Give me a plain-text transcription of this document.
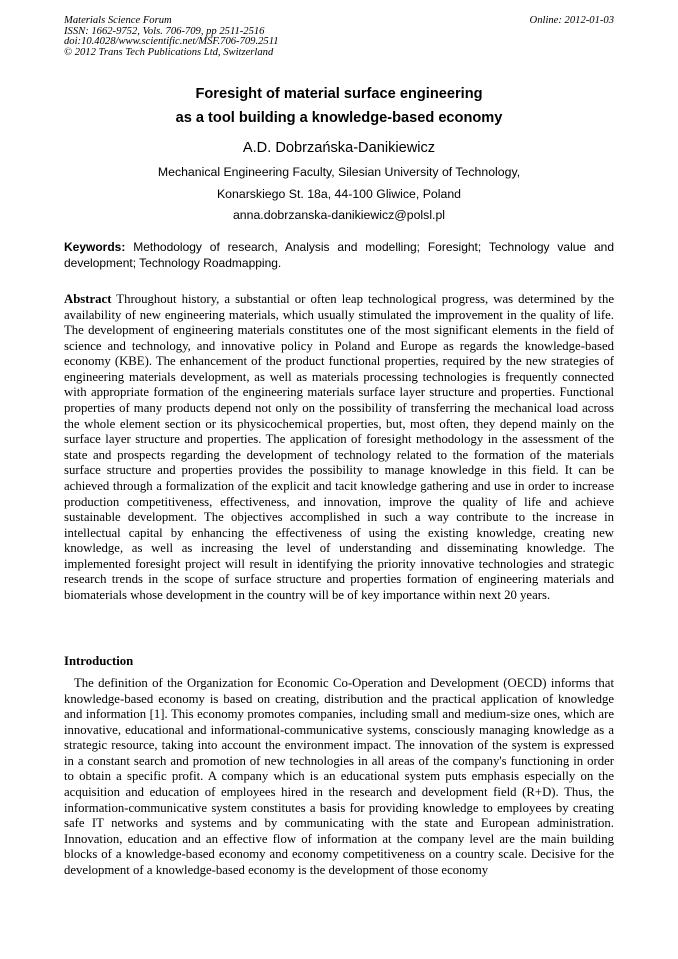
Materials Science Forum
ISSN: 1662-9752, Vols. 706-709, pp 2511-2516
doi:10.4028/www.scientific.net/MSF.706-709.2511
© 2012 Trans Tech Publications Ltd, Switzerland
Online: 2012-01-03
Foresight of material surface engineering
as a tool building a knowledge-based economy
A.D. Dobrzańska-Danikiewicz
Mechanical Engineering Faculty, Silesian University of Technology,
Konarskiego St. 18a, 44-100 Gliwice, Poland
anna.dobrzanska-danikiewicz@polsl.pl
Keywords: Methodology of research, Analysis and modelling; Foresight; Technology value and development; Technology Roadmapping.
Abstract Throughout history, a substantial or often leap technological progress, was determined by the availability of new engineering materials, which usually stimulated the improvement in the quality of life. The development of engineering materials constitutes one of the most significant elements in the field of science and technology, and innovative policy in Poland and Europe as regards the knowledge-based economy (KBE). The enhancement of the product functional properties, required by the new strategies of engineering materials development, as well as materials processing technologies is frequently connected with appropriate formation of the engineering materials surface layer structure and properties. Functional properties of many products depend not only on the possibility of transferring the mechanical load across the whole element section or its physicochemical properties, but, most often, they depend mainly on the surface layer structure and properties. The application of foresight methodology in the assessment of the state and prospects regarding the development of technology related to the formation of the materials surface structure and properties provides the possibility to manage knowledge in this field. It can be achieved through a formalization of the explicit and tacit knowledge gathering and use in order to increase production competitiveness, effectiveness, and innovation, improve the quality of life and achieve sustainable development. The objectives accomplished in such a way contribute to the increase in intellectual capital by enhancing the effectiveness of using the existing knowledge, creating new knowledge, as well as increasing the level of understanding and disseminating knowledge. The implemented foresight project will result in identifying the priority innovative technologies and strategic research trends in the scope of surface structure and properties formation of engineering materials and biomaterials whose development in the country will be of key importance within next 20 years.
Introduction
The definition of the Organization for Economic Co-Operation and Development (OECD) informs that knowledge-based economy is based on creating, distribution and the practical application of knowledge and information [1]. This economy promotes companies, including small and medium-size ones, which are innovative, educational and informational-communicative systems, consciously managing knowledge as a strategic resource, taking into account the environment impact. The innovation of the system is expressed in a constant search and promotion of new technologies in all areas of the company's functioning in order to obtain a specific profit. A company which is an educational system puts emphasis especially on the acquisition and education of employees hired in the research and development field (R+D). Thus, the information-communicative system constitutes a basis for providing knowledge to employees by creating safe IT networks and systems and by communicating with the state and European administration. Innovation, education and an effective flow of information at the company level are the main building blocks of a knowledge-based economy and economy competitiveness on a country scale. Decisive for the development of a knowledge-based economy is the development of those economy
